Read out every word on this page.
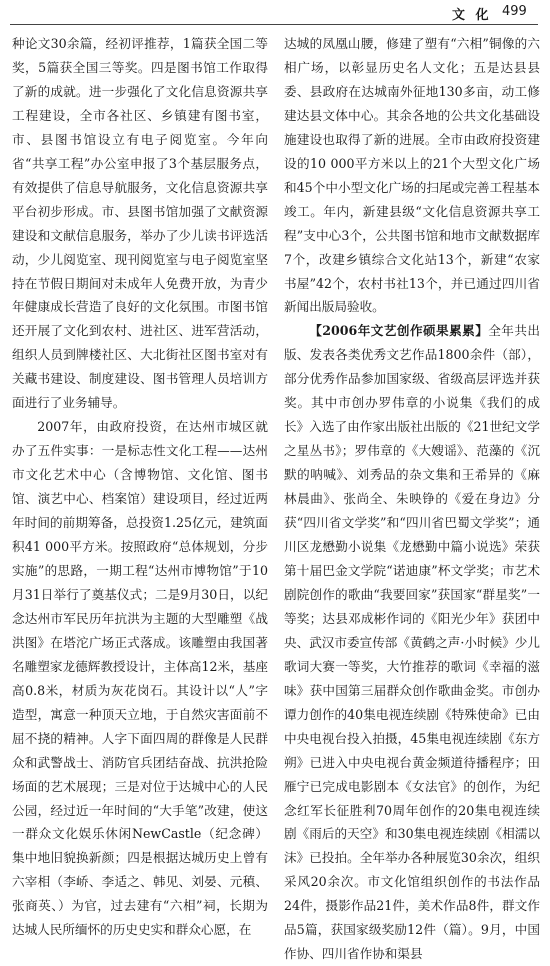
文 化 499

种论文30余篇，经初评推荐，1篇获全国二等奖，5篇获全国三等奖。四是图书馆工作取得了新的成就。进一步强化了文化信息资源共享工程建设，全市各社区、乡镇建有图书室，市、县图书馆设立有电子阅览室。今年向省“共享工程”办公室申报了3个基层服务点，有效提供了信息导航服务，文化信息资源共享平台初步形成。市、县图书馆加强了文献资源建设和文献信息服务，举办了少儿读书评选活动，少儿阅览室、现刊阅览室与电子阅览室坚持在节假日期间对未成年人免费开放，为青少年健康成长营造了良好的文化氛围。市图书馆还开展了文化到农村、进社区、进军营活动，组织人员到牌楼社区、大北街社区图书室对有关藏书建设、制度建设、图书管理人员培训方面进行了业务辅导。

2007年，由政府投资，在达州市城区就办了五件实事：一是标志性文化工程——达州市文化艺术中心（含博物馆、文化馆、图书馆、演艺中心、档案馆）建设项目，经过近两年时间的前期筹备，总投资1.25亿元，建筑面积41 000平方米。按照政府“总体规划，分步实施”的思路，一期工程“达州市博物馆”于10月31日举行了奠基仪式；二是9月30日，以纪念达州市军民历年抗洪为主题的大型雕塑《战洪图》在塔沱广场正式落成。该雕塑由我国著名雕塑家龙德辉教授设计，主体高12米，基座高0.8米，材质为灰花岗石。其设计以“人”字造型，寓意一种顶天立地，于自然灾害面前不屈不挠的精神。人字下面四周的群像是人民群众和武警战士、消防官兵团结奋战、抗洪抢险场面的艺术展现；三是对位于达城中心的人民公园，经过近一年时间的“大手笔”改建，使这一群众文化娱乐休闲NewCastle（纪念碑）集中地旧貌换新颜；四是根据达城历史上曾有六宰相（李峤、李适之、韩见、刘晏、元稹、张商英、）为官，过去建有“六相”祠，长期为达城人民所缅怀的历史史实和群众心愿，在

达城的凤凰山腰，修建了塑有“六相”铜像的六相广场，以彰显历史名人文化；五是达县县委、县政府在达城南外征地130多亩，动工修建达县文体中心。其余各地的公共文化基础设施建设也取得了新的进展。全市由政府投资建设的10 000平方米以上的21个大型文化广场和45个中小型文化广场的扫尾或完善工程基本竣工。年内，新建县级“文化信息资源共享工程”支中心3个，公共图书馆和地市文献数据库7个，改建乡镇综合文化站13个，新建“农家书屋”42个，农村书社13个，并已通过四川省新闻出版局验收。

【2006年文艺创作硕果累累】全年共出版、发表各类优秀文艺作品1800余件（部），部分优秀作品参加国家级、省级高层评选并获奖。其中市创办罗伟章的小说集《我们的成长》入选了由作家出版社出版的《21世纪文学之星丛书》；罗伟章的《大嫂谣》、范藻的《沉默的呐喊》、刘秀品的杂文集和王希异的《麻林晨曲》、张尚全、朱映铮的《爱在身边》分获“四川省文学奖”和“四川省巴蜀文学奖”；通川区龙懋勤小说集《龙懋勤中篇小说选》荣获第十届巴金文学院“诺迪康”杯文学奖；市艺术剧院创作的歌曲“我要回家”获国家“群星奖”一等奖；达县邓成彬作词的《阳光少年》获团中央、武汉市委宣传部《黄鹤之声·小时候》少儿歌词大赛一等奖，大竹推荐的歌词《幸福的滋味》获中国第三届群众创作歌曲金奖。市创办谭力创作的40集电视连续剧《特殊使命》已由中央电视台投入拍摄，45集电视连续剧《东方朔》已进入中央电视台黄金频道待播程序；田雁宁已完成电影剧本《女法官》的创作，为纪念红军长征胜利70周年创作的20集电视连续剧《雨后的天空》和30集电视连续剧《相濡以沫》已投拍。全年举办各种展览30余次，组织采风20余次。市文化馆组织创作的书法作品24件，摄影作品21件，美术作品8件，群文作品5篇，获国家级奖励12件（篇）。9月，中国作协、四川省作协和渠县
